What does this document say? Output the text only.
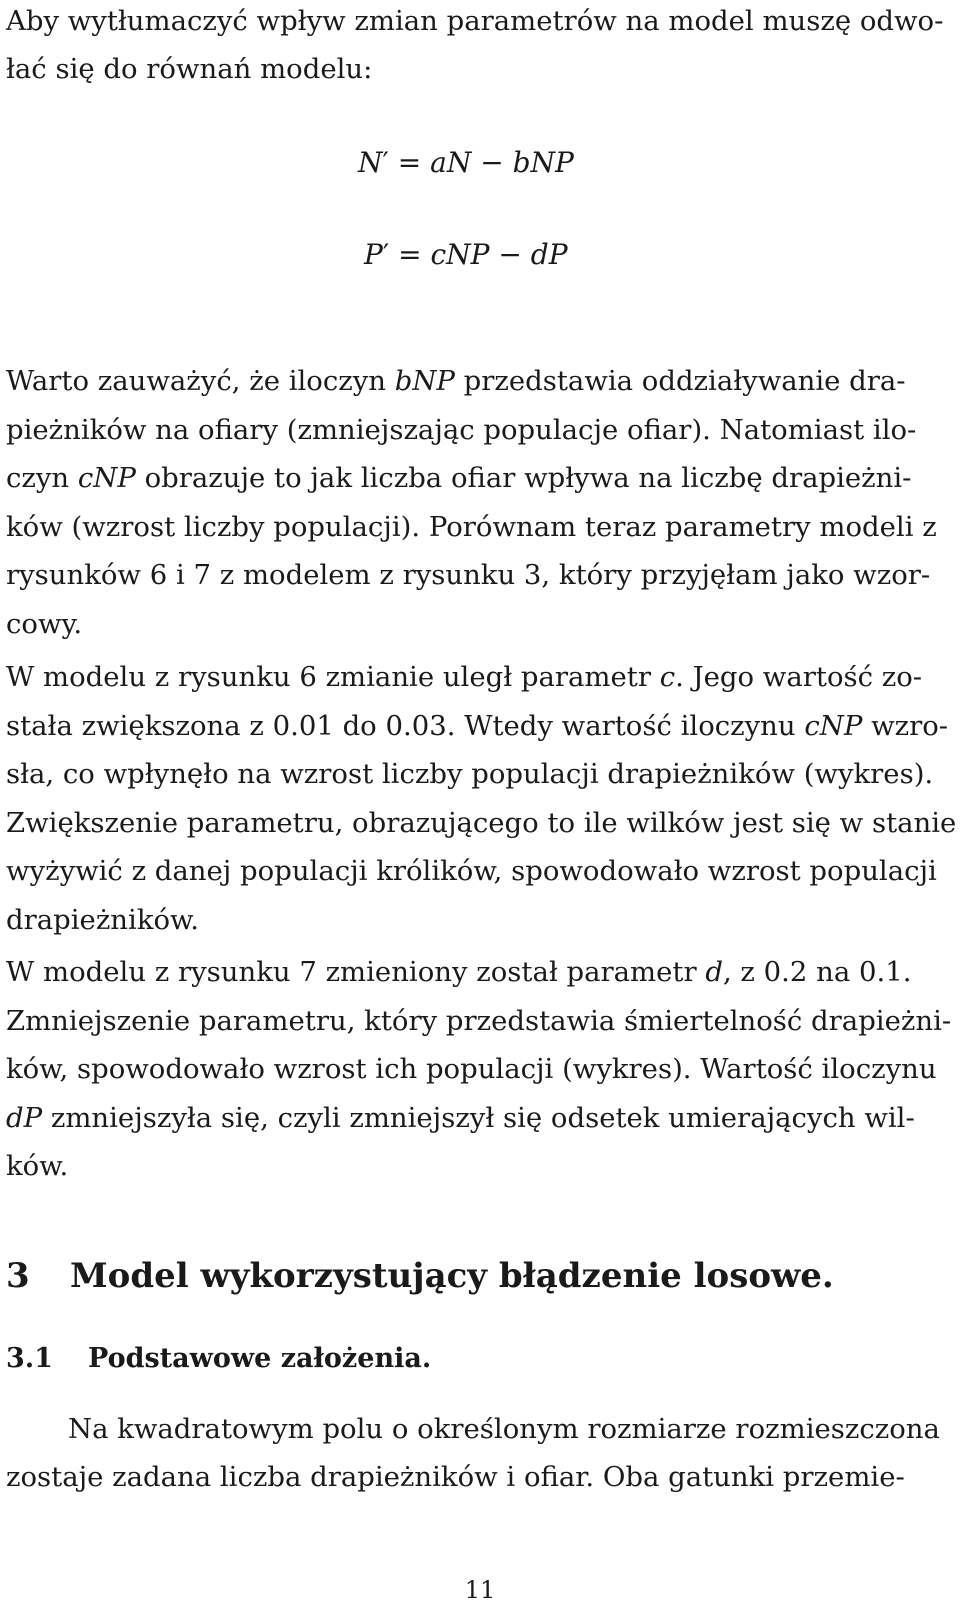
Aby wytłumaczyć wpływ zmian parametrów na model muszę odwo-
łać się do równań modelu:
N′ = aN − bNP
P′ = cNP − dP
Warto zauważyć, że iloczyn bNP przedstawia oddziaływanie dra-
pieżników na ofiary (zmniejszając populacje ofiar). Natomiast ilo-
czyn cNP obrazuje to jak liczba ofiar wpływa na liczbę drapieżni-
ków (wzrost liczby populacji). Porównam teraz parametry modeli z
rysunków 6 i 7 z modelem z rysunku 3, który przyjęłam jako wzor-
cowy.
W modelu z rysunku 6 zmianie uległ parametr c. Jego wartość zo-
stała zwiększona z 0.01 do 0.03. Wtedy wartość iloczynu cNP wzro-
sła, co wpłynęło na wzrost liczby populacji drapieżników (wykres).
Zwiększenie parametru, obrazującego to ile wilków jest się w stanie
wyżywić z danej populacji królików, spowodowało wzrost populacji
drapieżników.
W modelu z rysunku 7 zmieniony został parametr d, z 0.2 na 0.1.
Zmniejszenie parametru, który przedstawia śmiertelność drapieżni-
ków, spowodowało wzrost ich populacji (wykres). Wartość iloczynu
dP zmniejszyła się, czyli zmniejszył się odsetek umierających wil-
ków.
3 Model wykorzystujący błądzenie losowe.
3.1 Podstawowe założenia.
Na kwadratowym polu o określonym rozmiarze rozmieszczona
zostaje zadana liczba drapieżników i ofiar. Oba gatunki przemie-
11
